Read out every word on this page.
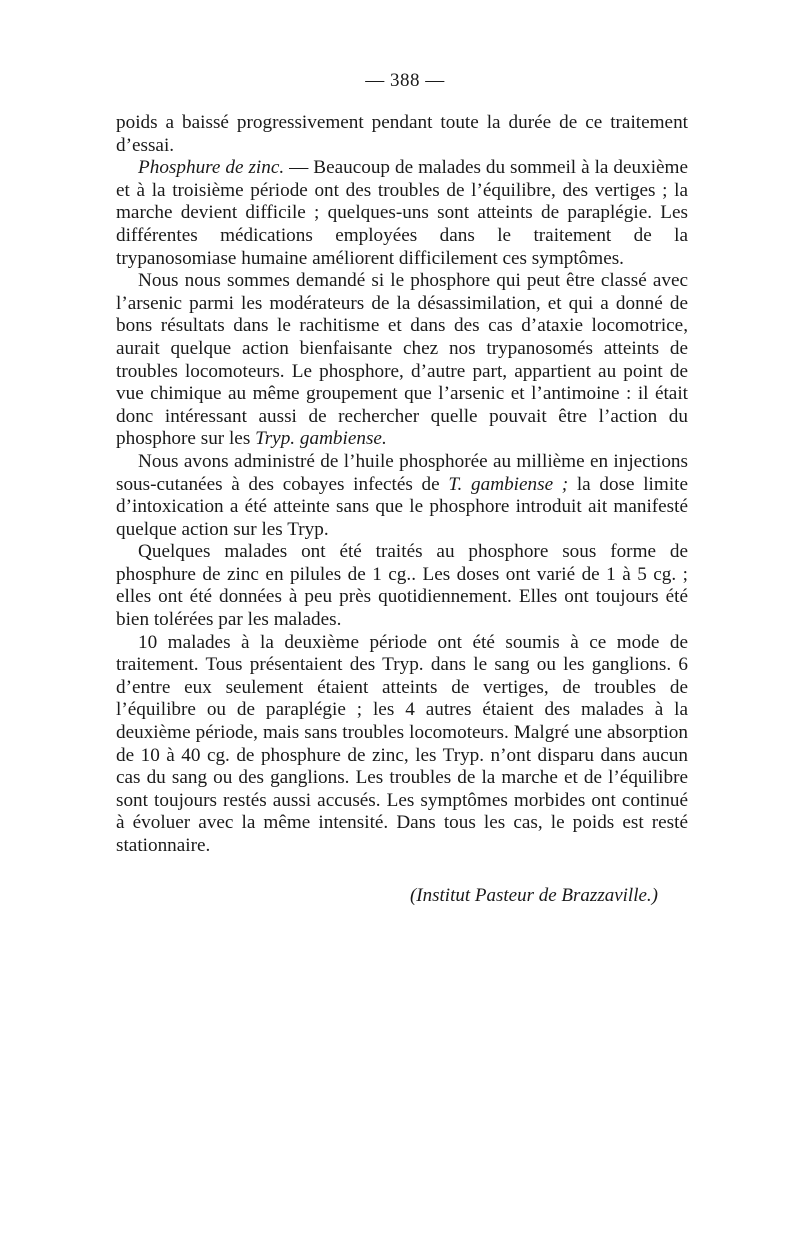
— 388 —

poids a baissé progressivement pendant toute la durée de ce traitement d’essai.

Phosphure de zinc. — Beaucoup de malades du sommeil à la deuxième et à la troisième période ont des troubles de l’équilibre, des vertiges ; la marche devient difficile ; quelques-uns sont atteints de paraplégie. Les différentes médications employées dans le traitement de la trypanosomiase humaine améliorent difficilement ces symptômes.

Nous nous sommes demandé si le phosphore qui peut être classé avec l’arsenic parmi les modérateurs de la désassimilation, et qui a donné de bons résultats dans le rachitisme et dans des cas d’ataxie locomotrice, aurait quelque action bienfaisante chez nos trypanosomés atteints de troubles locomoteurs. Le phosphore, d’autre part, appartient au point de vue chimique au même groupement que l’arsenic et l’antimoine : il était donc intéressant aussi de rechercher quelle pouvait être l’action du phosphore sur les Tryp. gambiense.

Nous avons administré de l’huile phosphorée au millième en injections sous-cutanées à des cobayes infectés de T. gambiense ; la dose limite d’intoxication a été atteinte sans que le phosphore introduit ait manifesté quelque action sur les Tryp.

Quelques malades ont été traités au phosphore sous forme de phosphure de zinc en pilules de 1 cg.. Les doses ont varié de 1 à 5 cg. ; elles ont été données à peu près quotidiennement. Elles ont toujours été bien tolérées par les malades.

10 malades à la deuxième période ont été soumis à ce mode de traitement. Tous présentaient des Tryp. dans le sang ou les ganglions. 6 d’entre eux seulement étaient atteints de vertiges, de troubles de l’équilibre ou de paraplégie ; les 4 autres étaient des malades à la deuxième période, mais sans troubles locomoteurs. Malgré une absorption de 10 à 40 cg. de phosphure de zinc, les Tryp. n’ont disparu dans aucun cas du sang ou des ganglions. Les troubles de la marche et de l’équilibre sont toujours restés aussi accusés. Les symptômes morbides ont continué à évoluer avec la même intensité. Dans tous les cas, le poids est resté stationnaire.

(Institut Pasteur de Brazzaville.)
